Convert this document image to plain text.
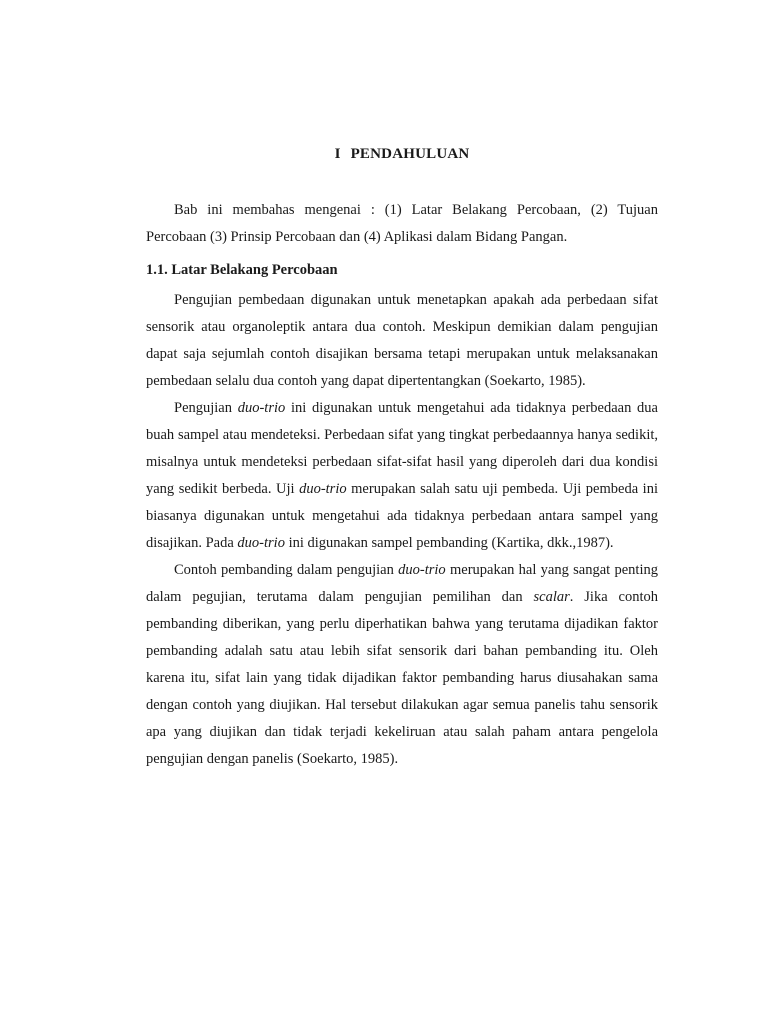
I PENDAHULUAN

Bab ini membahas mengenai : (1) Latar Belakang Percobaan, (2) Tujuan Percobaan (3) Prinsip Percobaan dan (4) Aplikasi dalam Bidang Pangan.

1.1. Latar Belakang Percobaan

Pengujian pembedaan digunakan untuk menetapkan apakah ada perbedaan sifat sensorik atau organoleptik antara dua contoh. Meskipun demikian dalam pengujian dapat saja sejumlah contoh disajikan bersama tetapi merupakan untuk melaksanakan pembedaan selalu dua contoh yang dapat dipertentangkan (Soekarto, 1985).

Pengujian duo-trio ini digunakan untuk mengetahui ada tidaknya perbedaan dua buah sampel atau mendeteksi. Perbedaan sifat yang tingkat perbedaannya hanya sedikit, misalnya untuk mendeteksi perbedaan sifat-sifat hasil yang diperoleh dari dua kondisi yang sedikit berbeda. Uji duo-trio merupakan salah satu uji pembeda. Uji pembeda ini biasanya digunakan untuk mengetahui ada tidaknya perbedaan antara sampel yang disajikan. Pada duo-trio ini digunakan sampel pembanding (Kartika, dkk.,1987).

Contoh pembanding dalam pengujian duo-trio merupakan hal yang sangat penting dalam pegujian, terutama dalam pengujian pemilihan dan scalar. Jika contoh pembanding diberikan, yang perlu diperhatikan bahwa yang terutama dijadikan faktor pembanding adalah satu atau lebih sifat sensorik dari bahan pembanding itu. Oleh karena itu, sifat lain yang tidak dijadikan faktor pembanding harus diusahakan sama dengan contoh yang diujikan. Hal tersebut dilakukan agar semua panelis tahu sensorik apa yang diujikan dan tidak terjadi kekeliruan atau salah paham antara pengelola pengujian dengan panelis (Soekarto, 1985).
